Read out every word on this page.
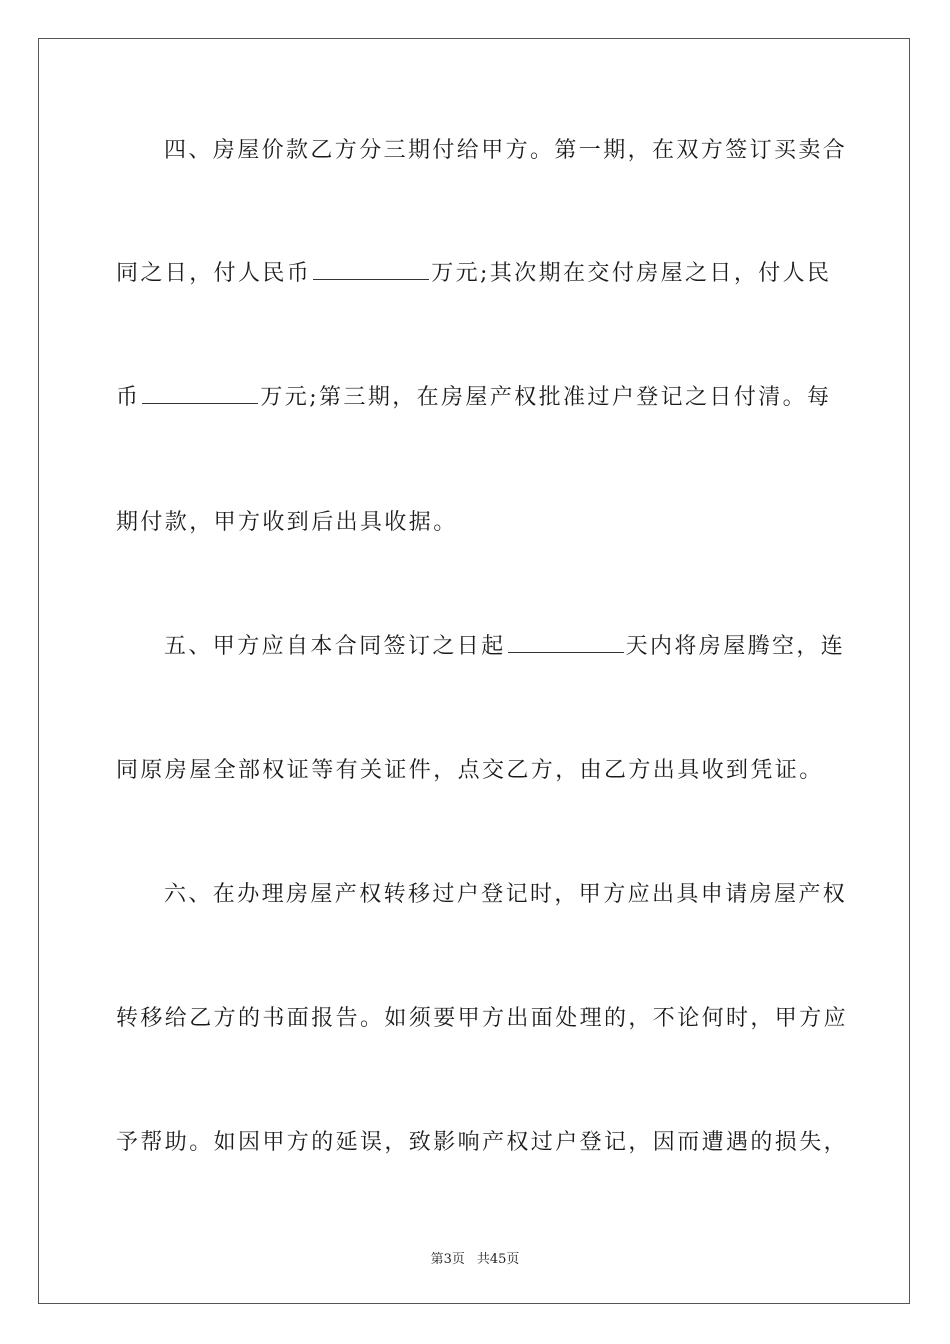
四、房屋价款乙方分三期付给甲方。第一期，在双方签订买卖合
同之日，付人民币	万元;其次期在交付房屋之日，付人民
币	万元;第三期，在房屋产权批准过户登记之日付清。每
期付款，甲方收到后出具收据。
五、甲方应自本合同签订之日起	天内将房屋腾空，连
同原房屋全部权证等有关证件，点交乙方，由乙方出具收到凭证。
六、在办理房屋产权转移过户登记时，甲方应出具申请房屋产权
转移给乙方的书面报告。如须要甲方出面处理的，不论何时，甲方应
予帮助。如因甲方的延误，致影响产权过户登记，因而遭遇的损失，
第3页 共45页
